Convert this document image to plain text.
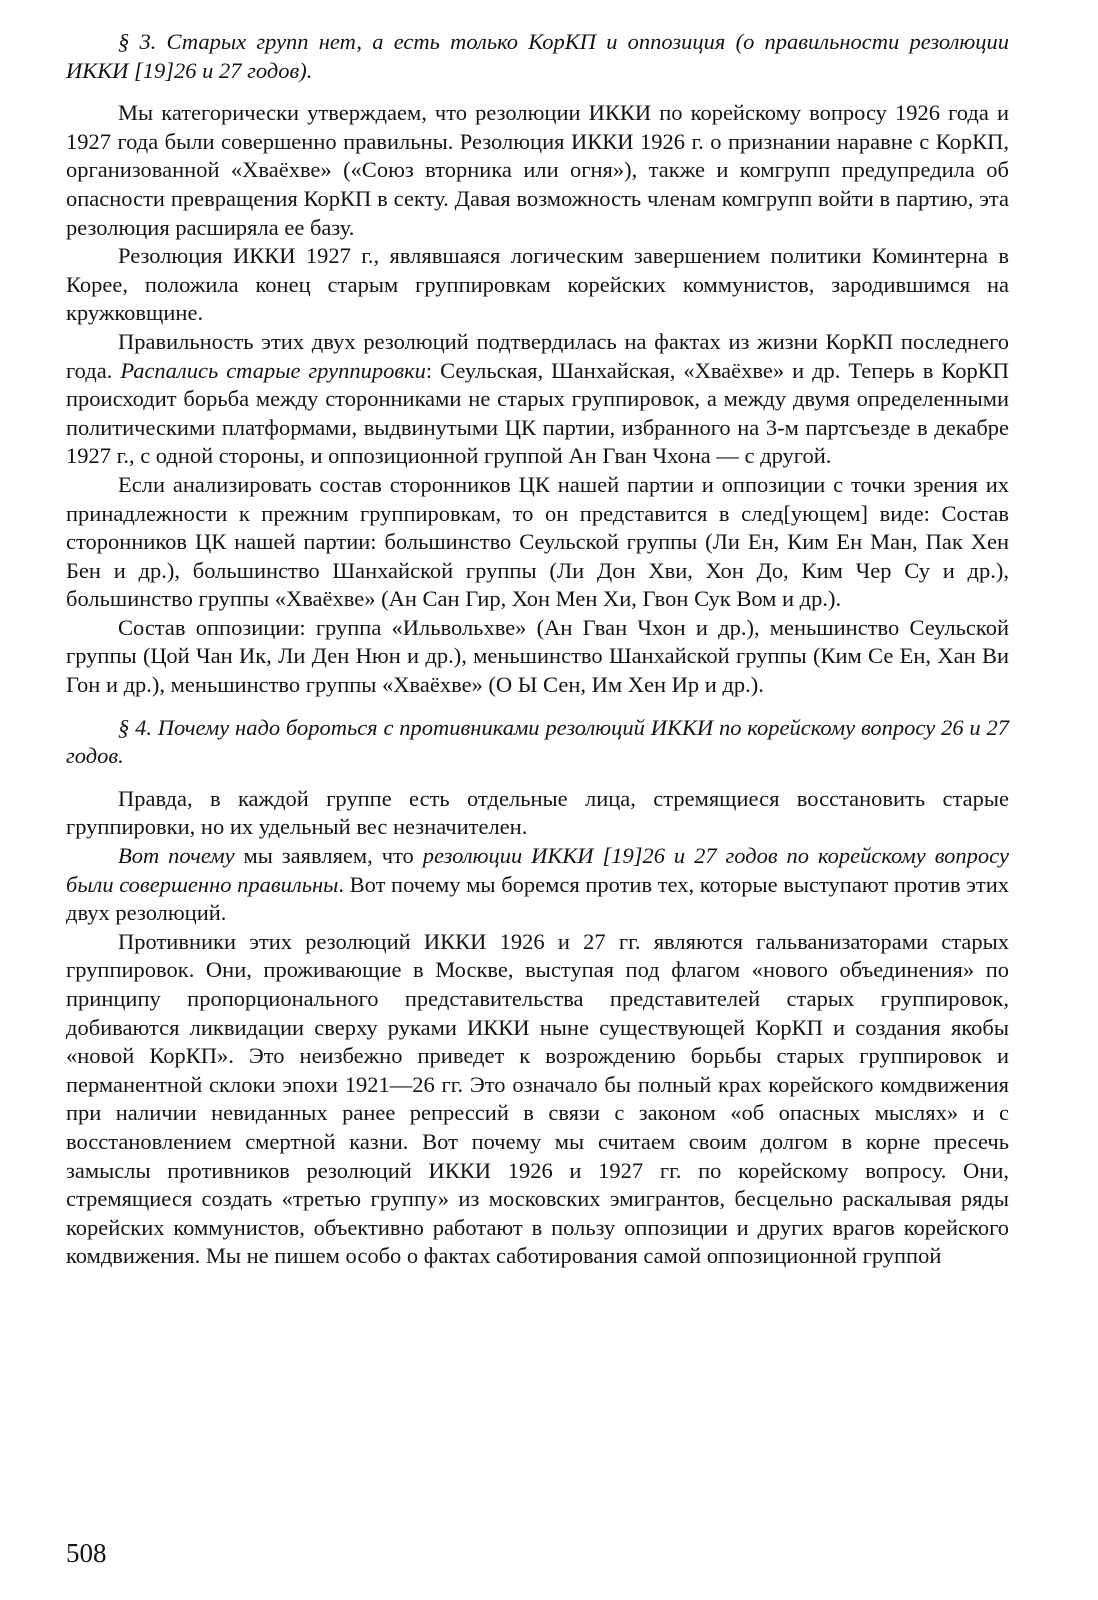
§ 3. Старых групп нет, а есть только КорКП и оппозиция (о правильности резолюции ИККИ [19]26 и 27 годов).

Мы категорически утверждаем, что резолюции ИККИ по корейскому вопросу 1926 года и 1927 года были совершенно правильны. Резолюция ИККИ 1926 г. о признании наравне с КорКП, организованной «Хваёхве» («Союз вторника или огня»), также и комгрупп предупредила об опасности превращения КорКП в секту. Давая возможность членам комгрупп войти в партию, эта резолюция расширяла ее базу.

Резолюция ИККИ 1927 г., являвшаяся логическим завершением политики Коминтерна в Корее, положила конец старым группировкам корейских коммунистов, зародившимся на кружковщине.

Правильность этих двух резолюций подтвердилась на фактах из жизни КорКП последнего года. Распались старые группировки: Сеульская, Шанхайская, «Хваёхве» и др. Теперь в КорКП происходит борьба между сторонниками не старых группировок, а между двумя определенными политическими платформами, выдвинутыми ЦК партии, избранного на 3-м партсъезде в декабре 1927 г., с одной стороны, и оппозиционной группой Ан Гван Чхона — с другой.

Если анализировать состав сторонников ЦК нашей партии и оппозиции с точки зрения их принадлежности к прежним группировкам, то он представится в след[ующем] виде: Состав сторонников ЦК нашей партии: большинство Сеульской группы (Ли Ен, Ким Ен Ман, Пак Хен Бен и др.), большинство Шанхайской группы (Ли Дон Хви, Хон До, Ким Чер Су и др.), большинство группы «Хваёхве» (Ан Сан Гир, Хон Мен Хи, Гвон Сук Вом и др.).

Состав оппозиции: группа «Ильвольхве» (Ан Гван Чхон и др.), меньшинство Сеульской группы (Цой Чан Ик, Ли Ден Нюн и др.), меньшинство Шанхайской группы (Ким Се Ен, Хан Ви Гон и др.), меньшинство группы «Хваёхве» (О Ы Сен, Им Хен Ир и др.).

§ 4. Почему надо бороться с противниками резолюций ИККИ по корейскому вопросу 26 и 27 годов.

Правда, в каждой группе есть отдельные лица, стремящиеся восстановить старые группировки, но их удельный вес незначителен.

Вот почему мы заявляем, что резолюции ИККИ [19]26 и 27 годов по корейскому вопросу были совершенно правильны. Вот почему мы боремся против тех, которые выступают против этих двух резолюций.

Противники этих резолюций ИККИ 1926 и 27 гг. являются гальванизаторами старых группировок. Они, проживающие в Москве, выступая под флагом «нового объединения» по принципу пропорционального представительства представителей старых группировок, добиваются ликвидации сверху руками ИККИ ныне существующей КорКП и создания якобы «новой КорКП». Это неизбежно приведет к возрождению борьбы старых группировок и перманентной склоки эпохи 1921—26 гг. Это означало бы полный крах корейского комдвижения при наличии невиданных ранее репрессий в связи с законом «об опасных мыслях» и с восстановлением смертной казни. Вот почему мы считаем своим долгом в корне пресечь замыслы противников резолюций ИККИ 1926 и 1927 гг. по корейскому вопросу. Они, стремящиеся создать «третью группу» из московских эмигрантов, бесцельно раскалывая ряды корейских коммунистов, объективно работают в пользу оппозиции и других врагов корейского комдвижения. Мы не пишем особо о фактах саботирования самой оппозиционной группой

508
